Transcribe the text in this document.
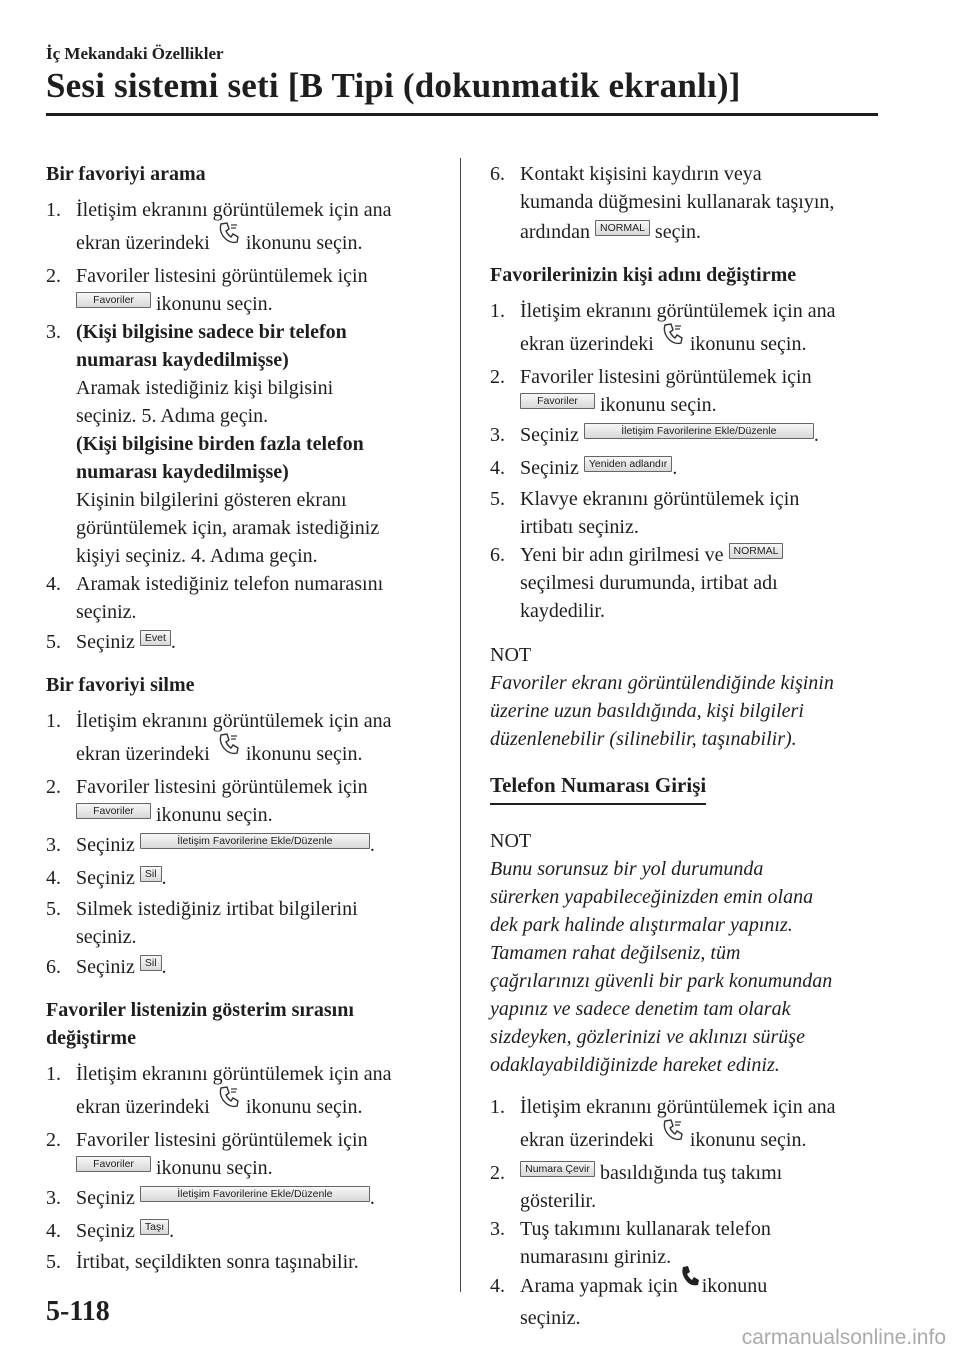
İç Mekandaki Özellikler
Sesi sistemi seti [B Tipi (dokunmatik ekranlı)]
Bir favoriyi arama
1. İletişim ekranını görüntülemek için ana
ekran üzerindeki ikonunu seçin.
2. Favoriler listesini görüntülemek için
Favoriler ikonunu seçin.
3. (Kişi bilgisine sadece bir telefon
numarası kaydedilmişse)
Aramak istediğiniz kişi bilgisini
seçiniz. 5. Adıma geçin.
(Kişi bilgisine birden fazla telefon
numarası kaydedilmişse)
Kişinin bilgilerini gösteren ekranı
görüntülemek için, aramak istediğiniz
kişiyi seçiniz. 4. Adıma geçin.
4. Aramak istediğiniz telefon numarasını
seçiniz.
5. Seçiniz Evet .
Bir favoriyi silme
1. İletişim ekranını görüntülemek için ana
ekran üzerindeki ikonunu seçin.
2. Favoriler listesini görüntülemek için
Favoriler ikonunu seçin.
3. Seçiniz	İletişim Favorilerine Ekle/Düzenle .
4. Seçiniz Sil .
5. Silmek istediğiniz irtibat bilgilerini
seçiniz.
6. Seçiniz Sil .
Favoriler listenizin gösterim sırasını
değiştirme
1. İletişim ekranını görüntülemek için ana
ekran üzerindeki ikonunu seçin.
2. Favoriler listesini görüntülemek için
Favoriler ikonunu seçin.
3. Seçiniz	İletişim Favorilerine Ekle/Düzenle .
4. Seçiniz Taşı .
5. İrtibat, seçildikten sonra taşınabilir.
6. Kontakt kişisini kaydırın veya
kumanda düğmesini kullanarak taşıyın,
ardından NORMAL seçin.
Favorilerinizin kişi adını değiştirme
1. İletişim ekranını görüntülemek için ana
ekran üzerindeki ikonunu seçin.
2. Favoriler listesini görüntülemek için
Favoriler ikonunu seçin.
3. Seçiniz	İletişim Favorilerine Ekle/Düzenle .
4. Seçiniz Yeniden adlandır .
5. Klavye ekranını görüntülemek için
irtibatı seçiniz.
6. Yeni bir adın girilmesi ve NORMAL
seçilmesi durumunda, irtibat adı
kaydedilir.
NOT
Favoriler ekranı görüntülendiğinde kişinin
üzerine uzun basıldığında, kişi bilgileri
düzenlenebilir (silinebilir, taşınabilir).
Telefon Numarası Girişi
NOT
Bunu sorunsuz bir yol durumunda
sürerken yapabileceğinizden emin olana
dek park halinde alıştırmalar yapınız.
Tamamen rahat değilseniz, tüm
çağrılarınızı güvenli bir park konumundan
yapınız ve sadece denetim tam olarak
sizdeyken, gözlerinizi ve aklınızı sürüşe
odaklayabildiğinizde hareket ediniz.
1. İletişim ekranını görüntülemek için ana
ekran üzerindeki ikonunu seçin.
2.	Numara Çevir basıldığında tuş takımı
gösterilir.
3. Tuş takımını kullanarak telefon
numarasını giriniz.
4. Arama yapmak için ikonunu
seçiniz.
5-118
carmanualsonline.info
